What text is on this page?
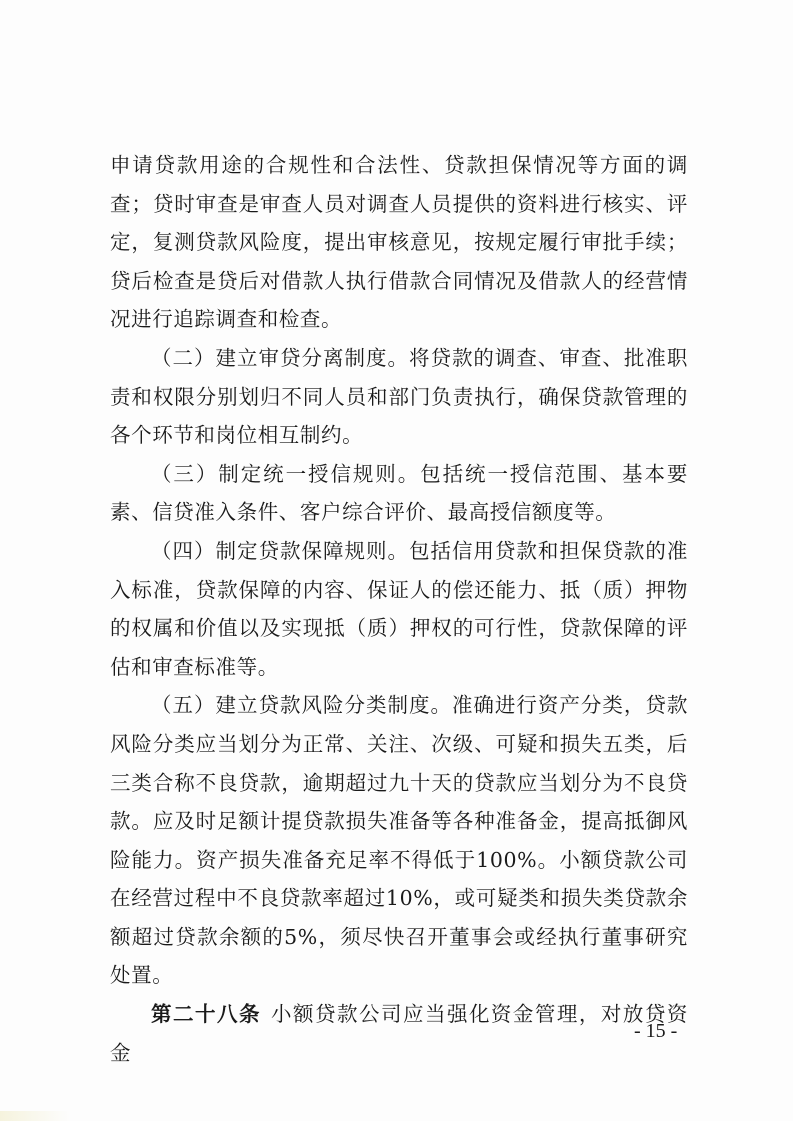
申请贷款用途的合规性和合法性、贷款担保情况等方面的调查；贷时审查是审查人员对调查人员提供的资料进行核实、评定，复测贷款风险度，提出审核意见，按规定履行审批手续；贷后检查是贷后对借款人执行借款合同情况及借款人的经营情况进行追踪调查和检查。

（二）建立审贷分离制度。将贷款的调查、审查、批准职责和权限分别划归不同人员和部门负责执行，确保贷款管理的各个环节和岗位相互制约。

（三）制定统一授信规则。包括统一授信范围、基本要素、信贷准入条件、客户综合评价、最高授信额度等。

（四）制定贷款保障规则。包括信用贷款和担保贷款的准入标准，贷款保障的内容、保证人的偿还能力、抵（质）押物的权属和价值以及实现抵（质）押权的可行性，贷款保障的评估和审查标准等。

（五）建立贷款风险分类制度。准确进行资产分类，贷款风险分类应当划分为正常、关注、次级、可疑和损失五类，后三类合称不良贷款，逾期超过九十天的贷款应当划分为不良贷款。应及时足额计提贷款损失准备等各种准备金，提高抵御风险能力。资产损失准备充足率不得低于100%。小额贷款公司在经营过程中不良贷款率超过10%，或可疑类和损失类贷款余额超过贷款余额的5%，须尽快召开董事会或经执行董事研究处置。

第二十八条 小额贷款公司应当强化资金管理，对放贷资金

- 15 -
